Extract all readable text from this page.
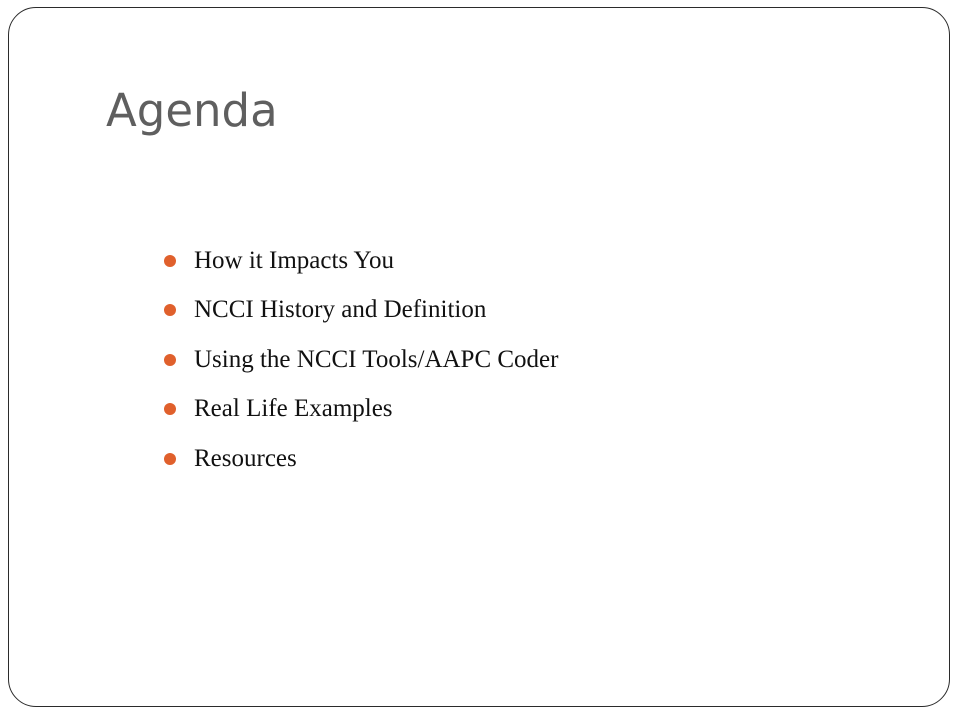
Agenda
How it Impacts You
NCCI History and Definition
Using the NCCI Tools/AAPC Coder
Real Life Examples
Resources
